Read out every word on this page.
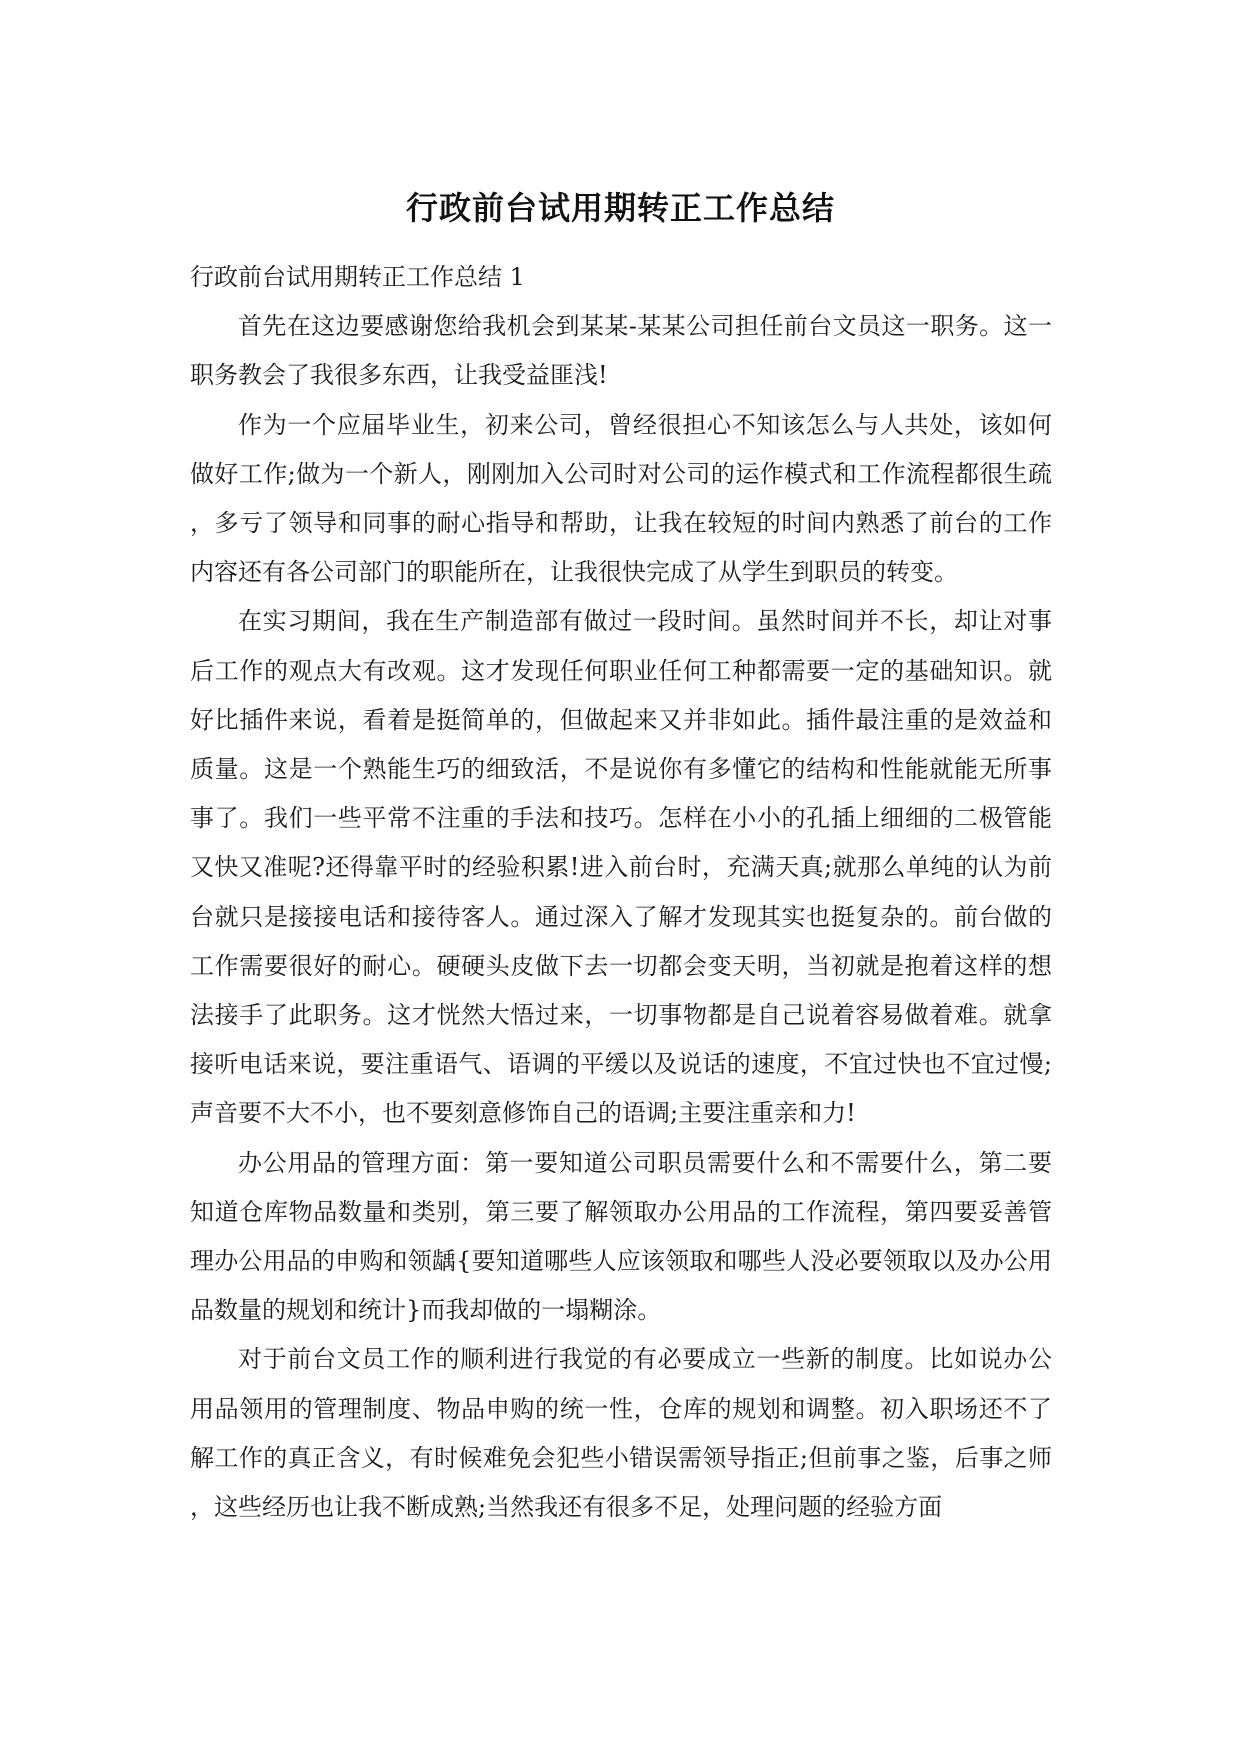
行政前台试用期转正工作总结

行政前台试用期转正工作总结 1

首先在这边要感谢您给我机会到某某-某某公司担任前台文员这一职务。这一职务教会了我很多东西，让我受益匪浅!

作为一个应届毕业生，初来公司，曾经很担心不知该怎么与人共处，该如何做好工作;做为一个新人，刚刚加入公司时对公司的运作模式和工作流程都很生疏，多亏了领导和同事的耐心指导和帮助，让我在较短的时间内熟悉了前台的工作内容还有各公司部门的职能所在，让我很快完成了从学生到职员的转变。

在实习期间，我在生产制造部有做过一段时间。虽然时间并不长，却让对事后工作的观点大有改观。这才发现任何职业任何工种都需要一定的基础知识。就好比插件来说，看着是挺简单的，但做起来又并非如此。插件最注重的是效益和质量。这是一个熟能生巧的细致活，不是说你有多懂它的结构和性能就能无所事事了。我们一些平常不注重的手法和技巧。怎样在小小的孔插上细细的二极管能又快又准呢?还得靠平时的经验积累!进入前台时，充满天真;就那么单纯的认为前台就只是接接电话和接待客人。通过深入了解才发现其实也挺复杂的。前台做的工作需要很好的耐心。硬硬头皮做下去一切都会变天明，当初就是抱着这样的想法接手了此职务。这才恍然大悟过来，一切事物都是自己说着容易做着难。就拿接听电话来说，要注重语气、语调的平缓以及说话的速度，不宜过快也不宜过慢;声音要不大不小，也不要刻意修饰自己的语调;主要注重亲和力!

办公用品的管理方面：第一要知道公司职员需要什么和不需要什么，第二要知道仓库物品数量和类别，第三要了解领取办公用品的工作流程，第四要妥善管理办公用品的申购和领龋{要知道哪些人应该领取和哪些人没必要领取以及办公用品数量的规划和统计}而我却做的一塌糊涂。

对于前台文员工作的顺利进行我觉的有必要成立一些新的制度。比如说办公用品领用的管理制度、物品申购的统一性，仓库的规划和调整。初入职场还不了解工作的真正含义，有时候难免会犯些小错误需领导指正;但前事之鉴，后事之师，这些经历也让我不断成熟;当然我还有很多不足，处理问题的经验方面
